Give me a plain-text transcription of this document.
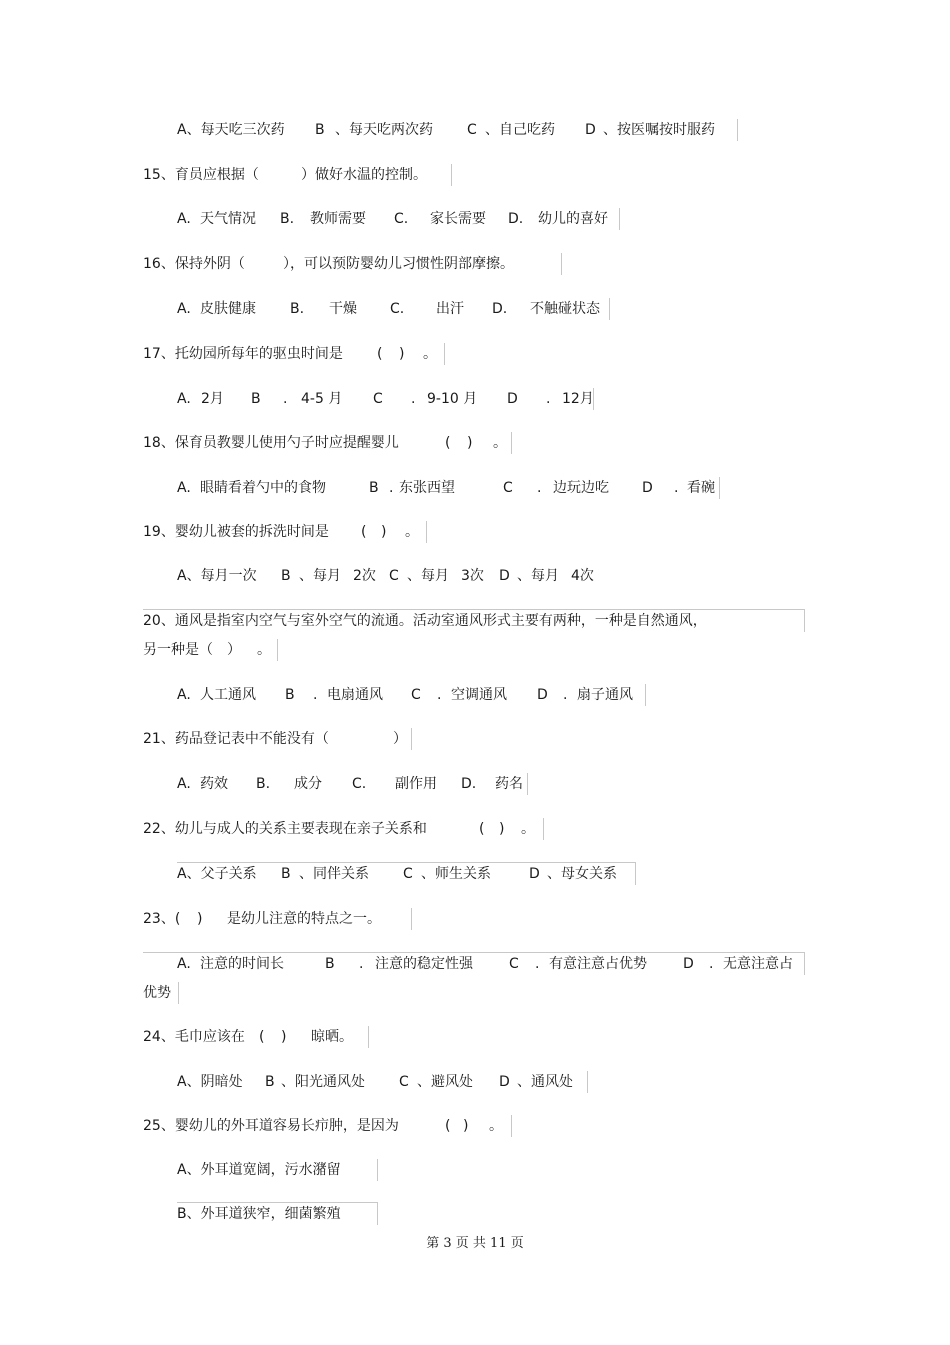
A、每天吃三次药

B

、每天吃两次药

C

、自己吃药

D

、按医嘱按时服药

15、育员应根据（

	）做好水温的控制。

A.

天气情况

B.

教师需要

C.

家长需要

D.

幼儿的喜好

16、保持外阴（

	），可以预防婴幼儿习惯性阴部摩擦。

A.

皮肤健康

B.

干燥

C.

出汗

D.

不触碰状态

17、托幼园所每年的驱虫时间是

(

)

。

A.

2月

B

.

4-5 月

C

.

9-10 月

D

.

12月

18、保育员教婴儿使用勺子时应提醒婴儿

	(

)

。

A.

眼睛看着勺中的食物

	B

.

东张西望

	C

.

边玩边吃

D

.

看碗

19、婴幼儿被套的拆洗时间是

(

)

。

A、每月一次

B

、每月

2次

C

、每月

3次

D

、每月

4次

20、通风是指室内空气与室外空气的流通。活动室通风形式主要有两种，一种是自然通风，

另一种是（

）

。

A.

人工通风

B

.

电扇通风

C

.

空调通风

D

.

扇子通风

21、药品登记表中不能没有（

	）

A.

药效

B.

成分

C.

副作用

D.

药名

22、幼儿与成人的关系主要表现在亲子关系和

	(

)

。

A、父子关系

B

、同伴关系

C

、师生关系

	D

、母女关系

23、(

)

是幼儿注意的特点之一。

A.

注意的时间长

	B

.

注意的稳定性强

	C

.

有意注意占优势

	D

.

无意注意占

优势

24、毛巾应该在

(

)

晾晒。

A、阴暗处

B

、阳光通风处

C

、避风处

D

、通风处

25、婴幼儿的外耳道容易长疖肿，是因为

	(

)

。

A、外耳道宽阔，污水潴留

B、外耳道狭窄，细菌繁殖

第 3 页 共 11 页
